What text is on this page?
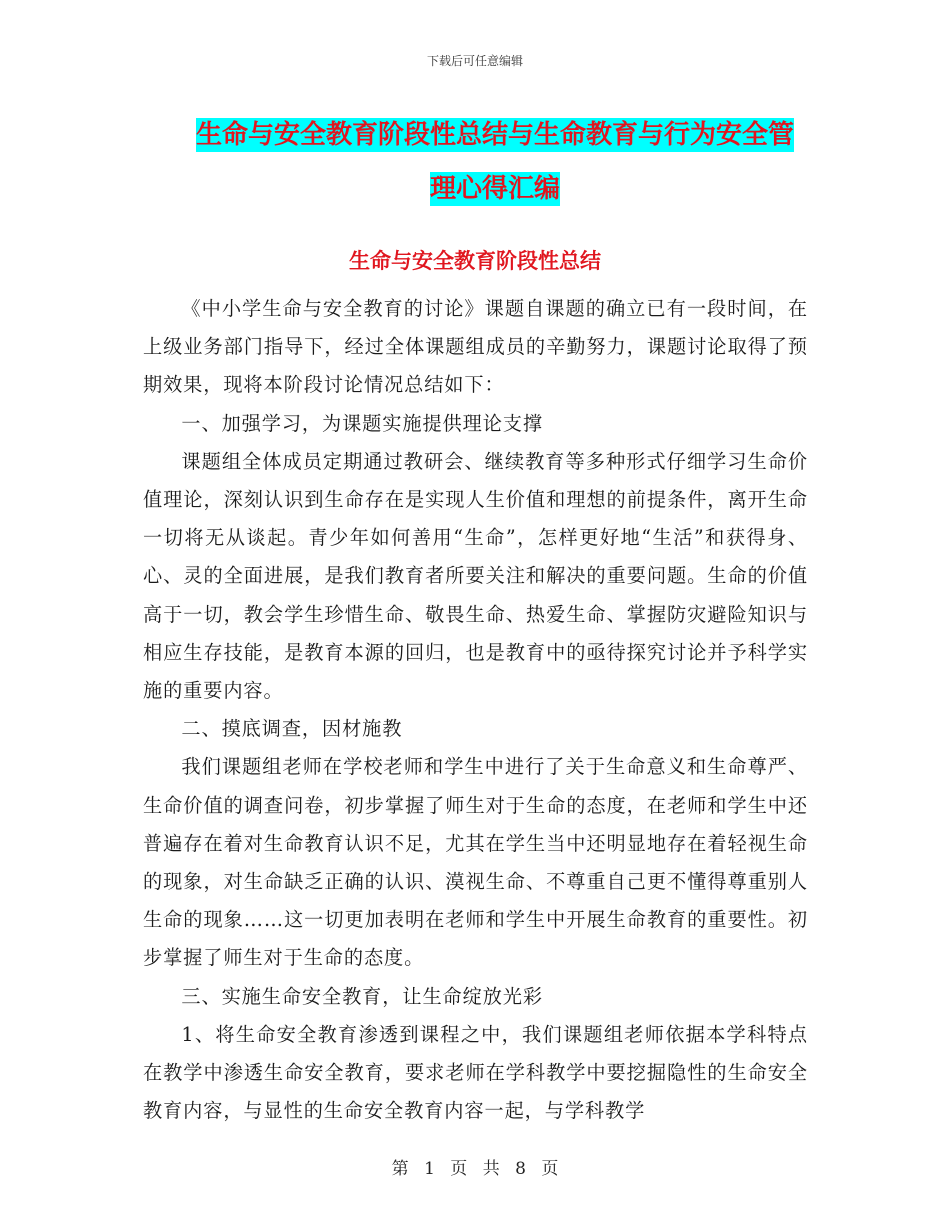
下载后可任意编辑
生命与安全教育阶段性总结与生命教育与行为安全管
理心得汇编
生命与安全教育阶段性总结

《中小学生命与安全教育的讨论》课题自课题的确立已有一段时间，在上级业务部门指导下，经过全体课题组成员的辛勤努力，课题讨论取得了预期效果，现将本阶段讨论情况总结如下：

一、加强学习，为课题实施提供理论支撑

课题组全体成员定期通过教研会、继续教育等多种形式仔细学习生命价值理论，深刻认识到生命存在是实现人生价值和理想的前提条件，离开生命一切将无从谈起。青少年如何善用“生命”，怎样更好地“生活”和获得身、心、灵的全面进展，是我们教育者所要关注和解决的重要问题。生命的价值高于一切，教会学生珍惜生命、敬畏生命、热爱生命、掌握防灾避险知识与相应生存技能，是教育本源的回归，也是教育中的亟待探究讨论并予科学实施的重要内容。

二、摸底调查，因材施教

我们课题组老师在学校老师和学生中进行了关于生命意义和生命尊严、生命价值的调查问卷，初步掌握了师生对于生命的态度，在老师和学生中还普遍存在着对生命教育认识不足，尤其在学生当中还明显地存在着轻视生命的现象，对生命缺乏正确的认识、漠视生命、不尊重自己更不懂得尊重别人生命的现象……这一切更加表明在老师和学生中开展生命教育的重要性。初步掌握了师生对于生命的态度。

三、实施生命安全教育，让生命绽放光彩

1、将生命安全教育渗透到课程之中，我们课题组老师依据本学科特点在教学中渗透生命安全教育，要求老师在学科教学中要挖掘隐性的生命安全教育内容，与显性的生命安全教育内容一起，与学科教学

第 1 页 共 8 页
